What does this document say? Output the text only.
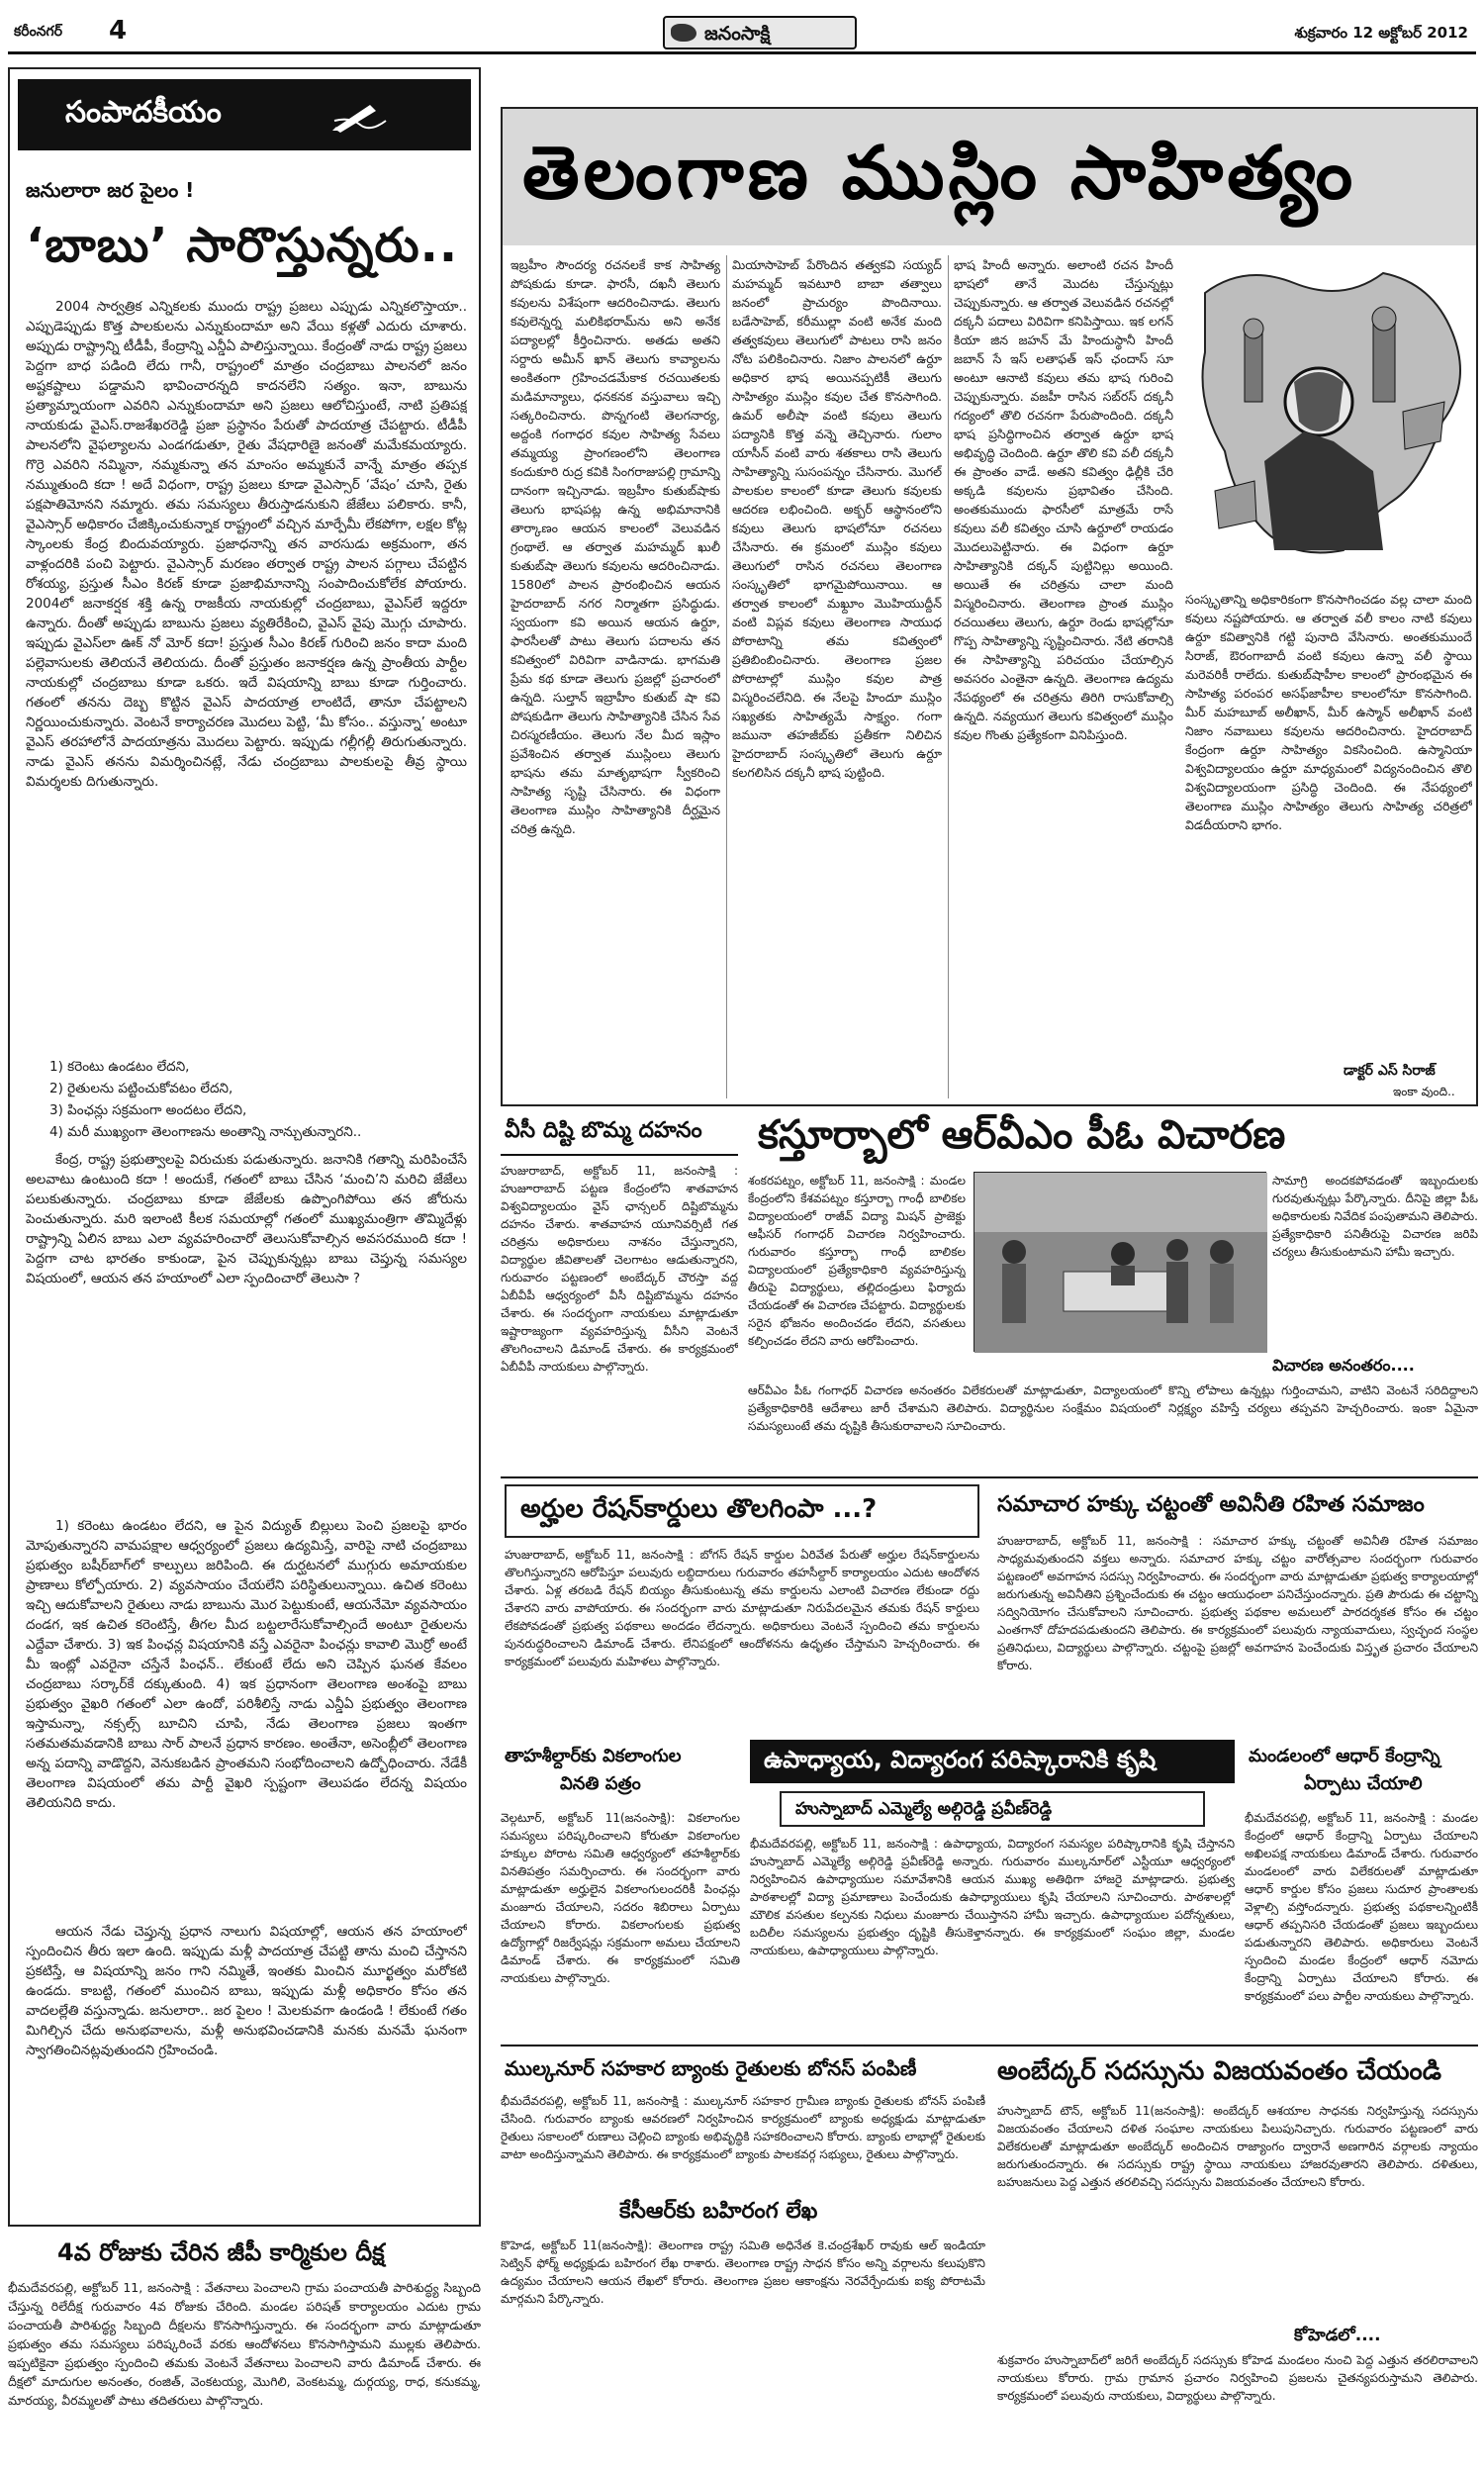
కరీంనగర్ 4	జనంసాక్షి	శుక్రవారం 12 అక్టోబర్ 2012
సంపాదకీయం
జనులారా జర పైలం !
‘బాబు’ సారొస్తున్నరు..
2004 సార్వత్రిక ఎన్నికలకు ముందు రాష్ట్ర ప్రజలు ఎప్పుడు ఎన్నికలొస్తాయా.. ఎప్పుడెప్పుడు కొత్త పాలకులను ఎన్నుకుందామా అని వేయి కళ్లతో ఎదురు చూశారు. అప్పుడు రాష్ట్రాన్ని టీడీపీ, కేంద్రాన్ని ఎన్డీఏ పాలిస్తున్నాయి. కేంద్రంతో నాడు రాష్ట్ర ప్రజలు పెద్దగా బాధ పడింది లేదు గానీ, రాష్ట్రంలో మాత్రం చంద్రబాబు పాలనలో జనం అష్టకష్టాలు పడ్డామని భావించారన్నది కాదనలేని సత్యం. ఇనా, బాబును ప్రత్యామ్నాయంగా ఎవరిని ఎన్నుకుందామా అని ప్రజలు ఆలోచిస్తుంటే, నాటి ప్రతిపక్ష నాయకుడు వైఎస్.రాజశేఖరరెడ్డి ప్రజా ప్రస్థానం పేరుతో పాదయాత్ర చేపట్టారు. టీడీపీ పాలనలోని వైఫల్యాలను ఎండగడుతూ, రైతు వేషధారిణై జనంతో మమేకమయ్యారు. గొర్రె ఎవరిని నమ్మినా, నమ్మకున్నా తన మాంసం అమ్మకునే వాన్నే మాత్రం తప్పక నమ్ముతుంది కదా ! అదే విధంగా, రాష్ట్ర ప్రజలు కూడా వైఎస్సార్ ‘వేషం’ చూసి, రైతు పక్షపాతిమోనని నమ్మారు. తమ సమస్యలు తీరుస్తాడనుకుని జేజేలు పలికారు. కానీ, వైఎస్సార్ అధికారం చేజిక్కించుకున్నాక రాష్ట్రంలో వచ్చిన మార్పేమీ లేకపోగా, లక్షల కోట్ల స్కాంలకు కేంద్ర బిందువయ్యారు. ప్రజాధనాన్ని తన వారసుడు అక్రమంగా, తన వాళ్లందరికి పంచి పెట్టారు. వైఎస్సార్ మరణం తర్వాత రాష్ట్ర పాలన పగ్గాలు చేపట్టిన రోశయ్య, ప్రస్తుత సీఎం కిరణ్ కూడా ప్రజాభిమానాన్ని సంపాదించుకోలేక పోయారు. 2004లో జనాకర్షక శక్తి ఉన్న రాజకీయ నాయకుల్లో చంద్రబాబు, వైఎస్‌లే ఇద్దరూ ఉన్నారు. దీంతో అప్పుడు బాబును ప్రజలు వ్యతిరేకించి, వైఎస్‌ వైపు మొగ్గు చూపారు. ఇప్పుడు వైఎస్‌లా ఊక్ నో మోర్ కదా! ప్రస్తుత సీఎం కిరణ్ గురించి జనం కాదా మంది పల్లెవాసులకు తెలియనే తెలియదు. దీంతో ప్రస్తుతం జనాకర్షణ ఉన్న ప్రాంతీయ పార్టీల నాయకుల్లో చంద్రబాబు కూడా ఒకరు. ఇదే విషయాన్ని బాబు కూడా గుర్తించారు. గతంలో తనను దెబ్బ కొట్టిన వైఎస్‌ పాదయాత్ర లాంటిదే, తానూ చేపట్టాలని నిర్ణయించుకున్నారు. వెంటనే కార్యాచరణ మొదలు పెట్టి, ‘మీ కోసం.. వస్తున్నా’ అంటూ వైఎస్‌ తరహాలోనే పాదయాత్రను మొదలు పెట్టారు. ఇప్పుడు గల్లీగల్లీ తిరుగుతున్నారు. నాడు వైఎస్ తనను విమర్శించినట్లే, నేడు చంద్రబాబు పాలకులపై తీవ్ర స్థాయి విమర్శలకు దిగుతున్నారు.
1) కరెంటు ఉండటం లేదని,
2) రైతులను పట్టించుకోవటం లేదని,
3) పింఛన్లు సక్రమంగా అందటం లేదని,
4) మరీ ముఖ్యంగా తెలంగాణను అంతాన్ని నాన్చుతున్నారని..
కేంద్ర, రాష్ట్ర ప్రభుత్వాలపై విరుచుకు పడుతున్నారు. జనానికి గతాన్ని మరిపించేసే అలవాటు ఉంటుంది కదా ! అందుకే, గతంలో బాబు చేసిన ‘మంచి’ని మరిచి జేజేలు పలుకుతున్నారు. చంద్రబాబు కూడా జేజేలకు ఉప్పొంగిపోయి తన జోరును పెంచుతున్నారు. మరి ఇలాంటి కీలక సమయాల్లో గతంలో ముఖ్యమంత్రిగా తొమ్మిదేళ్లు రాష్ట్రాన్ని ఏలిన బాబు ఎలా వ్యవహరించారో తెలుసుకోవాల్సిన అవసరముంది కదా ! పెద్దగా చాట భారతం కాకుండా, పైన చెప్పుకున్నట్లు బాబు చెప్తున్న సమస్యల విషయంలో, ఆయన తన హయాంలో ఎలా స్పందించారో తెలుసా ?
1) కరెంటు ఉండటం లేదని, ఆ పైన విద్యుత్ బిల్లులు పెంచి ప్రజలపై భారం మోపుతున్నారని వామపక్షాల ఆధ్వర్యంలో ప్రజలు ఉద్యమిస్తే, వారిపై నాటి చంద్రబాబు ప్రభుత్వం బషీర్‌బాగ్‌లో కాల్పులు జరిపింది. ఈ దుర్ఘటనలో ముగ్గురు అమాయకుల ప్రాణాలు కోల్పోయారు. 2) వ్యవసాయం చేయలేని పరిస్థితులున్నాయి. ఉచిత కరెంటు ఇచ్చి ఆదుకోవాలని రైతులు నాడు బాబును మొర పెట్టుకుంటే, ఆయనేమో వ్యవసాయం దండగ, ఇక ఉచిత కరెంటిస్తే, తీగల మీద బట్టలారేసుకోవాల్సిందే అంటూ రైతులను ఎద్దేవా చేశారు. 3) ఇక పింఛన్ల విషయానికి వస్తే ఎవరైనా పింఛన్లు కావాలి మొర్రో అంటే మీ ఇంట్లో ఎవరైనా చస్తేనే పింఛన్.. లేకుంటే లేదు అని చెప్పిన ఘనత కేవలం చంద్రబాబు సర్కార్‌కే దక్కుతుంది. 4) ఇక ప్రధానంగా తెలంగాణ అంశంపై బాబు ప్రభుత్వం వైఖరి గతంలో ఎలా ఉందో, పరిశీలిస్తే నాడు ఎన్డీఏ ప్రభుత్వం తెలంగాణ ఇస్తామన్నా, నక్సల్స్ బూచిని చూపి, నేడు తెలంగాణ ప్రజలు ఇంతగా సతమతమవడానికి బాబు సార్ పాలనే ప్రధాన కారణం. అంతేనా, అసెంబ్లీలో తెలంగాణ అన్న పదాన్ని వాడొద్దని, వెనుకబడిన ప్రాంతమని సంభోదించాలని ఉద్బోధించారు. నేడేకీ తెలంగాణ విషయంలో తమ పార్టీ వైఖరి స్పష్టంగా తెలుపడం లేదన్న విషయం తెలియనిది కాదు.
ఆయన నేడు చెప్తున్న ప్రధాన నాలుగు విషయాల్లో, ఆయన తన హయాంలో స్పందించిన తీరు ఇలా ఉంది. ఇప్పుడు మళ్లీ పాదయాత్ర చేపట్టి తాను మంచి చేస్తానని ప్రకటిస్తే, ఆ విషయాన్ని జనం గాని నమ్మితే, ఇంతకు మించిన మూర్ఖత్వం మరోకటి ఉండదు. కాబట్టి, గతంలో ముంచిన బాబు, ఇప్పుడు మళ్లీ అధికారం కోసం తన వాదలల్లేతి వస్తున్నాడు. జనులారా.. జర పైలం ! మెలకువగా ఉండండి ! లేకుంటే గతం మిగిల్చిన చేదు అనుభవాలను, మళ్లీ అనుభవించడానికి మనకు మనమే ఘనంగా స్వాగతించినట్లవుతుందని గ్రహించండి.
4వ రోజుకు చేరిన జీపీ కార్మికుల దీక్ష
భీమదేవరపల్లి, అక్టోబర్ 11, జనంసాక్షి : వేతనాలు పెంచాలని గ్రామ పంచాయతీ పారిశుద్ధ్య సిబ్బంది చేస్తున్న రిలేదీక్ష గురువారం 4వ రోజుకు చేరింది. మండల పరిషత్ కార్యాలయం ఎదుట గ్రామ పంచాయతీ పారిశుద్ధ్య సిబ్బంది దీక్షలను కొనసాగిస్తున్నారు. ఈ సందర్భంగా వారు మాట్లాడుతూ ప్రభుత్వం తమ సమస్యలు పరిష్కరించే వరకు ఆందోళనలు కొనసాగిస్తామని ముల్లకు తెలిపారు. ఇప్పటికైనా ప్రభుత్వం స్పందించి తమకు వెంటనే వేతనాలు పెంచాలని వారు డిమాండ్ చేశారు. ఈ దీక్షలో మాదుగుల అనంతం, రంజిత్, వెంకటయ్య, మొగిలి, వెంకటమ్మ, దుర్గయ్య, రాధ, కనుకమ్మ, మారయ్య, వీరమ్మలతో పాటు తదితరులు పాల్గొన్నారు.
తెలంగాణ ముస్లిం సాహిత్యం
ఇబ్రహీం సౌందర్య రచనలకే కాక సాహిత్య పోషకుడు కూడా. ఫారసీ, దఖనీ తెలుగు కవులను విశేషంగా ఆదరించినాడు. తెలుగు కవులెన్నర్న మలికిభరామ్‌ను అని అనేక పద్యాలల్లో కీర్తించినారు. అతడు అతని సర్దారు అమీన్ ఖాన్ తెలుగు కావ్యాలను అంకితంగా గ్రహించడమేకాక రచయితలకు మడిమాన్యాలు, ధనకనక వస్తువాలు ఇచ్చి సత్కరించినారు. పొన్నగంటి తెలగనార్య, అద్దంకి గంగాధర కవుల సాహిత్య సేవలు తమ్మయ్య ప్రాంగణంలోని తెలంగాణ కందుకూరి రుద్ర కవికి సింగరాజుపల్లి గ్రామాన్ని దానంగా ఇచ్చినాడు. ఇబ్రహీం కుతుబ్‌షాకు తెలుగు భాషపట్ల ఉన్న అభిమానానికి తార్కాణం ఆయన కాలంలో వెలువడిన గ్రంథాలే. ఆ తర్వాత మహమ్మద్ ఖులీ కుతుబ్‌షా తెలుగు కవులను ఆదరించినాడు. 1580లో పాలన ప్రారంభించిన ఆయన హైదరాబాద్ నగర నిర్మాతగా ప్రసిద్ధుడు. స్వయంగా కవి అయిన ఆయన ఉర్దూ, ఫారసీలతో పాటు తెలుగు పదాలను తన కవిత్వంలో విరివిగా వాడినాడు. భాగమతి ప్రేమ కథ కూడా తెలుగు ప్రజల్లో ప్రచారంలో ఉన్నది. సుల్తాన్ ఇబ్రాహీం కుతుబ్ షా కవి పోషకుడిగా తెలుగు సాహిత్యానికి చేసిన సేవ చిరస్మరణీయం. తెలుగు నేల మీద ఇస్లాం ప్రవేశించిన తర్వాత ముస్లింలు తెలుగు భాషను తమ మాతృభాషగా స్వీకరించి సాహిత్య సృష్టి చేసినారు. ఈ విధంగా తెలంగాణ ముస్లిం సాహిత్యానికి దీర్ఘమైన చరిత్ర ఉన్నది.
మియాసాహెబ్ పేరొందిన తత్వకవి సయ్యద్ మహమ్మద్ ఇవటూరి బాబా తత్వాలు జనంలో ప్రాచుర్యం పొందినాయి. బడేసాహెబ్, కరీముల్లా వంటి అనేక మంది తత్వకవులు తెలుగులో పాటలు రాసి జనం నోట పలికించినారు. నిజాం పాలనలో ఉర్దూ అధికార భాష అయినప్పటికీ తెలుగు సాహిత్యం ముస్లిం కవుల చేత కొనసాగింది. ఉమర్ అలీషా వంటి కవులు తెలుగు పద్యానికి కొత్త వన్నె తెచ్చినారు. గులాం యాసీన్ వంటి వారు శతకాలు రాసి తెలుగు సాహిత్యాన్ని సుసంపన్నం చేసినారు. మొగల్ పాలకుల కాలంలో కూడా తెలుగు కవులకు ఆదరణ లభించింది. అక్బర్ ఆస్థానంలోని కవులు తెలుగు భాషలోనూ రచనలు చేసినారు. ఈ క్రమంలో ముస్లిం కవులు తెలుగులో రాసిన రచనలు తెలంగాణ సంస్కృతిలో భాగమైపోయినాయి. ఆ తర్వాత కాలంలో మఖ్దూం మొహియుద్దీన్ వంటి విప్లవ కవులు తెలంగాణ సాయుధ పోరాటాన్ని తమ కవిత్వంలో ప్రతిబింబించినారు. తెలంగాణ ప్రజల పోరాటాల్లో ముస్లిం కవుల పాత్ర విస్మరించలేనిది. ఈ నేలపై హిందూ ముస్లిం సఖ్యతకు సాహిత్యమే సాక్ష్యం. గంగా జమునా తహజీబ్‌కు ప్రతీకగా నిలిచిన హైదరాబాద్ సంస్కృతిలో తెలుగు ఉర్దూ కలగలిసిన దక్కనీ భాష పుట్టింది.
భాష హిందీ అన్నారు. అలాంటి రచన హిందీ భాషలో తానే మొదట చేస్తున్నట్లు చెప్పుకున్నారు. ఆ తర్వాత వెలువడిన రచనల్లో దక్కనీ పదాలు విరివిగా కనిపిస్తాయి. ఇక లగన్ కియా జిన జహన్ మే హిందుస్థానీ హిందీ జబాన్ సే ఇస్ లతాఫత్ ఇస్ ఛందాస్‌ సూ అంటూ ఆనాటి కవులు తమ భాష గురించి చెప్పుకున్నారు. వజహీ రాసిన సబ్‌రస్ దక్కనీ గద్యంలో తొలి రచనగా పేరుపొందింది. దక్కనీ భాష ప్రసిద్ధిగాంచిన తర్వాత ఉర్దూ భాష అభివృద్ధి చెందింది. ఉర్దూ తొలి కవి వలీ దక్కనీ ఈ ప్రాంతం వాడే. అతని కవిత్వం ఢిల్లీకి చేరి అక్కడి కవులను ప్రభావితం చేసింది. అంతకుముందు ఫారసీలో మాత్రమే రాసే కవులు వలీ కవిత్వం చూసి ఉర్దూలో రాయడం మొదలుపెట్టినారు. ఈ విధంగా ఉర్దూ సాహిత్యానికి దక్కన్ పుట్టినిల్లు అయింది. అయితే ఈ చరిత్రను చాలా మంది విస్మరించినారు. తెలంగాణ ప్రాంత ముస్లిం రచయితలు తెలుగు, ఉర్దూ రెండు భాషల్లోనూ గొప్ప సాహిత్యాన్ని సృష్టించినారు. నేటి తరానికి ఈ సాహిత్యాన్ని పరిచయం చేయాల్సిన అవసరం ఎంతైనా ఉన్నది. తెలంగాణ ఉద్యమ నేపథ్యంలో ఈ చరిత్రను తిరిగి రాసుకోవాల్సి ఉన్నది. నవ్యయుగ తెలుగు కవిత్వంలో ముస్లిం కవుల గొంతు ప్రత్యేకంగా వినిపిస్తుంది.
సంస్కృతాన్ని అధికారికంగా కొనసాగించడం వల్ల చాలా మంది కవులు నష్టపోయారు. ఆ తర్వాత వలీ కాలం నాటి కవులు ఉర్దూ కవిత్వానికి గట్టి పునాది వేసినారు. అంతకుముందే సిరాజ్, ఔరంగాబాదీ వంటి కవులు ఉన్నా వలీ స్థాయి మరెవరికీ రాలేదు. కుతుబ్‌షాహీల కాలంలో ప్రారంభమైన ఈ సాహిత్య పరంపర అసఫ్‌జాహీల కాలంలోనూ కొనసాగింది. మీర్ మహబూబ్ అలీఖాన్, మీర్ ఉస్మాన్ అలీఖాన్ వంటి నిజాం నవాబులు కవులను ఆదరించినారు. హైదరాబాద్ కేంద్రంగా ఉర్దూ సాహిత్యం వికసించింది. ఉస్మానియా విశ్వవిద్యాలయం ఉర్దూ మాధ్యమంలో విద్యనందించిన తొలి విశ్వవిద్యాలయంగా ప్రసిద్ధి చెందింది. ఈ నేపథ్యంలో తెలంగాణ ముస్లిం సాహిత్యం తెలుగు సాహిత్య చరిత్రలో విడదీయరాని భాగం.
డాక్టర్ ఎస్ సిరాజ్
ఇంకా వుంది..
వీసీ దిష్టి బొమ్మ దహనం
హుజురాబాద్, అక్టోబర్ 11, జనంసాక్షి : హుజూరాబాద్ పట్టణ కేంద్రంలోని శాతవాహన విశ్వవిద్యాలయం వైస్ ఛాన్సలర్ దిష్టిబొమ్మను దహనం చేశారు. శాతవాహన యూనివర్సిటీ గత చరిత్రను అధికారులు నాశనం చేస్తున్నారని, విద్యార్థుల జీవితాలతో చెలగాటం ఆడుతున్నారని, గురువారం పట్టణంలో అంబేద్కర్ చౌరస్తా వద్ద ఏబీవీపీ ఆధ్వర్యంలో వీసీ దిష్టిబొమ్మను దహనం చేశారు. ఈ సందర్భంగా నాయకులు మాట్లాడుతూ ఇష్టారాజ్యంగా వ్యవహరిస్తున్న వీసీని వెంటనే తొలగించాలని డిమాండ్ చేశారు. ఈ కార్యక్రమంలో ఏబీవీపీ నాయకులు పాల్గొన్నారు.
కస్తూర్బాలో ఆర్‌వీఎం పీఓ విచారణ
శంకరపట్నం, అక్టోబర్ 11, జనంసాక్షి : మండల కేంద్రంలోని కేశవపట్నం కస్తూర్బా గాంధీ బాలికల విద్యాలయంలో రాజీవ్ విద్యా మిషన్ ప్రాజెక్టు ఆఫీసర్ గంగాధర్ విచారణ నిర్వహించారు. గురువారం కస్తూర్బా గాంధీ బాలికల విద్యాలయంలో ప్రత్యేకాధికారి వ్యవహరిస్తున్న తీరుపై విద్యార్థులు, తల్లిదండ్రులు ఫిర్యాదు చేయడంతో ఈ విచారణ చేపట్టారు. విద్యార్థులకు సరైన భోజనం అందించడం లేదని, వసతులు కల్పించడం లేదని వారు ఆరోపించారు.
సామాగ్రి అందకపోవడంతో ఇబ్బందులకు గురవుతున్నట్లు పేర్కొన్నారు. దీనిపై జిల్లా పీఓ అధికారులకు నివేదిక పంపుతామని తెలిపారు. ప్రత్యేకాధికారి పనితీరుపై విచారణ జరిపి చర్యలు తీసుకుంటామని హామీ ఇచ్చారు.
విచారణ అనంతరం....
ఆర్‌వీఎం పీఓ గంగాధర్ విచారణ అనంతరం విలేకరులతో మాట్లాడుతూ, విద్యాలయంలో కొన్ని లోపాలు ఉన్నట్లు గుర్తించామని, వాటిని వెంటనే సరిదిద్దాలని ప్రత్యేకాధికారికి ఆదేశాలు జారీ చేశామని తెలిపారు. విద్యార్థినుల సంక్షేమం విషయంలో నిర్లక్ష్యం వహిస్తే చర్యలు తప్పవని హెచ్చరించారు. ఇంకా ఏమైనా సమస్యలుంటే తమ దృష్టికి తీసుకురావాలని సూచించారు.
అర్హుల రేషన్‌కార్డులు తొలగింపా ...?
హుజురాబాద్, అక్టోబర్ 11, జనంసాక్షి : బోగస్ రేషన్ కార్డుల ఏరివేత పేరుతో అర్హుల రేషన్‌కార్డులను తొలగిస్తున్నారని ఆరోపిస్తూ పలువురు లబ్ధిదారులు గురువారం తహసీల్దార్ కార్యాలయం ఎదుట ఆందోళన చేశారు. ఏళ్ల తరబడి రేషన్ బియ్యం తీసుకుంటున్న తమ కార్డులను ఎలాంటి విచారణ లేకుండా రద్దు చేశారని వారు వాపోయారు. ఈ సందర్భంగా వారు మాట్లాడుతూ నిరుపేదలమైన తమకు రేషన్ కార్డులు లేకపోవడంతో ప్రభుత్వ పథకాలు అందడం లేదన్నారు. అధికారులు వెంటనే స్పందించి తమ కార్డులను పునరుద్ధరించాలని డిమాండ్ చేశారు. లేనిపక్షంలో ఆందోళనను ఉధృతం చేస్తామని హెచ్చరించారు. ఈ కార్యక్రమంలో పలువురు మహిళలు పాల్గొన్నారు.
సమాచార హక్కు చట్టంతో అవినీతి రహిత సమాజం
హుజురాబాద్, అక్టోబర్ 11, జనంసాక్షి : సమాచార హక్కు చట్టంతో అవినీతి రహిత సమాజం సాధ్యమవుతుందని వక్తలు అన్నారు. సమాచార హక్కు చట్టం వారోత్సవాల సందర్భంగా గురువారం పట్టణంలో అవగాహన సదస్సు నిర్వహించారు. ఈ సందర్భంగా వారు మాట్లాడుతూ ప్రభుత్వ కార్యాలయాల్లో జరుగుతున్న అవినీతిని ప్రశ్నించేందుకు ఈ చట్టం ఆయుధంలా పనిచేస్తుందన్నారు. ప్రతి పౌరుడు ఈ చట్టాన్ని సద్వినియోగం చేసుకోవాలని సూచించారు. ప్రభుత్వ పథకాల అమలులో పారదర్శకత కోసం ఈ చట్టం ఎంతగానో దోహదపడుతుందని తెలిపారు. ఈ కార్యక్రమంలో పలువురు న్యాయవాదులు, స్వచ్ఛంద సంస్థల ప్రతినిధులు, విద్యార్థులు పాల్గొన్నారు. చట్టంపై ప్రజల్లో అవగాహన పెంచేందుకు విస్తృత ప్రచారం చేయాలని కోరారు.
తాహశీల్దార్‌కు వికలాంగుల
వినతి పత్రం
వెల్గటూర్, అక్టోబర్ 11(జనంసాక్షి): వికలాంగుల సమస్యలు పరిష్కరించాలని కోరుతూ వికలాంగుల హక్కుల పోరాట సమితి ఆధ్వర్యంలో తహశీల్దార్‌కు వినతిపత్రం సమర్పించారు. ఈ సందర్భంగా వారు మాట్లాడుతూ అర్హులైన వికలాంగులందరికీ పింఛన్లు మంజూరు చేయాలని, సదరం శిబిరాలు ఏర్పాటు చేయాలని కోరారు. వికలాంగులకు ప్రభుత్వ ఉద్యోగాల్లో రిజర్వేషన్లు సక్రమంగా అమలు చేయాలని డిమాండ్ చేశారు. ఈ కార్యక్రమంలో సమితి నాయకులు పాల్గొన్నారు.
ఉపాధ్యాయ, విద్యారంగ పరిష్కారానికి కృషి
హుస్నాబాద్ ఎమ్మెల్యే అల్గిరెడ్డి ప్రవీణ్‌రెడ్డి
భీమదేవరపల్లి, అక్టోబర్ 11, జనంసాక్షి : ఉపాధ్యాయ, విద్యారంగ సమస్యల పరిష్కారానికి కృషి చేస్తానని హుస్నాబాద్ ఎమ్మెల్యే అల్గిరెడ్డి ప్రవీణ్‌రెడ్డి అన్నారు. గురువారం ముల్కనూర్‌లో ఎస్టీయూ ఆధ్వర్యంలో నిర్వహించిన ఉపాధ్యాయుల సమావేశానికి ఆయన ముఖ్య అతిథిగా హాజరై మాట్లాడారు. ప్రభుత్వ పాఠశాలల్లో విద్యా ప్రమాణాలు పెంచేందుకు ఉపాధ్యాయులు కృషి చేయాలని సూచించారు. పాఠశాలల్లో మౌలిక వసతుల కల్పనకు నిధులు మంజూరు చేయిస్తానని హామీ ఇచ్చారు. ఉపాధ్యాయుల పదోన్నతులు, బదిలీల సమస్యలను ప్రభుత్వం దృష్టికి తీసుకెళ్తానన్నారు. ఈ కార్యక్రమంలో సంఘం జిల్లా, మండల నాయకులు, ఉపాధ్యాయులు పాల్గొన్నారు.
మండలంలో ఆధార్ కేంద్రాన్ని
ఏర్పాటు చేయాలి
భీమదేవరపల్లి, అక్టోబర్ 11, జనంసాక్షి : మండల కేంద్రంలో ఆధార్ కేంద్రాన్ని ఏర్పాటు చేయాలని అఖిలపక్ష నాయకులు డిమాండ్ చేశారు. గురువారం మండలంలో వారు విలేకరులతో మాట్లాడుతూ ఆధార్ కార్డుల కోసం ప్రజలు సుదూర ప్రాంతాలకు వెళ్లాల్సి వస్తోందన్నారు. ప్రభుత్వ పథకాలన్నింటికీ ఆధార్ తప్పనిసరి చేయడంతో ప్రజలు ఇబ్బందులు పడుతున్నారని తెలిపారు. అధికారులు వెంటనే స్పందించి మండల కేంద్రంలో ఆధార్ నమోదు కేంద్రాన్ని ఏర్పాటు చేయాలని కోరారు. ఈ కార్యక్రమంలో పలు పార్టీల నాయకులు పాల్గొన్నారు.
ముల్కనూర్ సహకార బ్యాంకు రైతులకు బోనస్ పంపిణీ
భీమదేవరపల్లి, అక్టోబర్ 11, జనంసాక్షి : ముల్కనూర్ సహకార గ్రామీణ బ్యాంకు రైతులకు బోనస్ పంపిణీ చేసింది. గురువారం బ్యాంకు ఆవరణలో నిర్వహించిన కార్యక్రమంలో బ్యాంకు అధ్యక్షుడు మాట్లాడుతూ రైతులు సకాలంలో రుణాలు చెల్లించి బ్యాంకు అభివృద్ధికి సహకరించాలని కోరారు. బ్యాంకు లాభాల్లో రైతులకు వాటా అందిస్తున్నామని తెలిపారు. ఈ కార్యక్రమంలో బ్యాంకు పాలకవర్గ సభ్యులు, రైతులు పాల్గొన్నారు.
కేసీఆర్‌కు బహిరంగ లేఖ
కొహెడ, అక్టోబర్ 11(జనంసాక్షి): తెలంగాణ రాష్ట్ర సమితి అధినేత కె.చంద్రశేఖర్ రావుకు ఆల్ ఇండియా సెట్విన్ ఫోర్మ్ అధ్యక్షుడు బహిరంగ లేఖ రాశారు. తెలంగాణ రాష్ట్ర సాధన కోసం అన్ని వర్గాలను కలుపుకొని ఉద్యమం చేయాలని ఆయన లేఖలో కోరారు. తెలంగాణ ప్రజల ఆకాంక్షను నెరవేర్చేందుకు ఐక్య పోరాటమే మార్గమని పేర్కొన్నారు.
అంబేద్కర్ సదస్సును విజయవంతం చేయండి
హుస్నాబాద్ టౌన్, అక్టోబర్ 11(జనంసాక్షి): అంబేద్కర్ ఆశయాల సాధనకు నిర్వహిస్తున్న సదస్సును విజయవంతం చేయాలని దళిత సంఘాల నాయకులు పిలుపునిచ్చారు. గురువారం పట్టణంలో వారు విలేకరులతో మాట్లాడుతూ అంబేద్కర్ అందించిన రాజ్యాంగం ద్వారానే అణగారిన వర్గాలకు న్యాయం జరుగుతుందన్నారు. ఈ సదస్సుకు రాష్ట్ర స్థాయి నాయకులు హాజరవుతారని తెలిపారు. దళితులు, బహుజనులు పెద్ద ఎత్తున తరలివచ్చి సదస్సును విజయవంతం చేయాలని కోరారు.
కోహెడలో....
శుక్రవారం హుస్నాబాద్‌లో జరిగే అంబేద్కర్ సదస్సుకు కోహెడ మండలం నుంచి పెద్ద ఎత్తున తరలిరావాలని నాయకులు కోరారు. గ్రామ గ్రామాన ప్రచారం నిర్వహించి ప్రజలను చైతన్యపరుస్తామని తెలిపారు. కార్యక్రమంలో పలువురు నాయకులు, విద్యార్థులు పాల్గొన్నారు.
